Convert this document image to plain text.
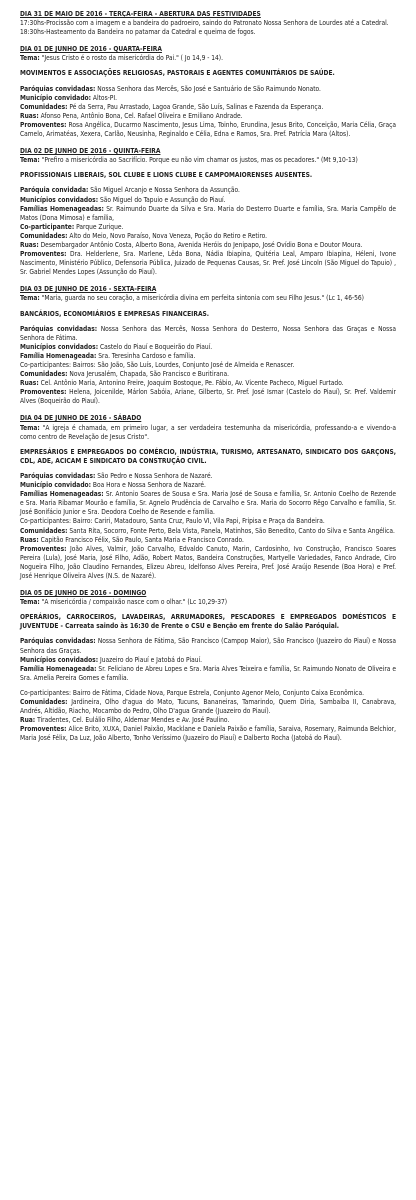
DIA 31 DE MAIO DE 2016 - TERÇA-FEIRA - ABERTURA DAS FESTIVIDADES

17:30hs-Procissão com a imagem e a bandeira do padroeiro, saindo do Patronato Nossa Senhora de Lourdes até a Catedral.

18:30hs-Hasteamento da Bandeira no patamar da Catedral e queima de fogos.

DIA 01 DE JUNHO DE 2016 - QUARTA-FEIRA

Tema: "Jesus Cristo é o rosto da misericórdia do Pai." ( Jo 14,9 - 14).

MOVIMENTOS E ASSOCIAÇÕES RELIGIOSAS, PASTORAIS E AGENTES COMUNITÁRIOS DE SAÚDE.

Paróquias convidadas: Nossa Senhora das Mercês, São José e Santuário de São Raimundo Nonato.

Município convidado: Altos-PI.

Comunidades: Pé da Serra, Pau Arrastado, Lagoa Grande, São Luís, Salinas e Fazenda da Esperança.

Ruas: Afonso Pena, Antônio Bona, Cel. Rafael Oliveira e Emiliano Andrade.

Promoventes: Rosa Angélica, Ducarmo Nascimento, Jesus Lima, Toinho, Erundina, Jesus Brito, Conceição, Maria Célia, Graça Camelo, Arimatéas, Xexera, Carlão, Neusinha, Reginaldo e Célia, Edna e Ramos, Sra. Pref. Patrícia Mara (Altos).

DIA 02 DE JUNHO DE 2016 - QUINTA-FEIRA

Tema: "Prefiro a misericórdia ao Sacrifício. Porque eu não vim chamar os justos, mas os pecadores." (Mt 9,10-13)

PROFISSIONAIS LIBERAIS, SOL CLUBE E LIONS CLUBE E CAMPOMAIORENSES AUSENTES.

Paróquia convidada: São Miguel Arcanjo e Nossa Senhora da Assunção.

Municípios convidados: São Miguel do Tapuio e Assunção do Piauí.

Famílias Homenageadas: Sr. Raimundo Duarte da Silva e Sra. Maria do Desterro Duarte e família, Sra. Maria Campêlo de Matos (Dona Mimosa) e família,

Co-participante: Parque Zurique.

Comunidades: Alto do Meio, Novo Paraíso, Nova Veneza, Poção do Retiro e Retiro.

Ruas: Desembargador Antônio Costa, Alberto Bona, Avenida Heróis do Jenipapo, José Ovídio Bona e Doutor Moura.

Promoventes: Dra. Helderlene, Sra. Marlene, Lêda Bona, Nádia Ibiapina, Quitéria Leal, Amparo Ibiapina, Héleni, Ivone Nascimento, Ministério Público, Defensoria Pública, Juizado de Pequenas Causas, Sr. Pref. José Lincoln (São Miguel do Tapuio) , Sr. Gabriel Mendes Lopes (Assunção do Piauí).

DIA 03 DE JUNHO DE 2016 - SEXTA-FEIRA

Tema: "Maria, guarda no seu coração, a misericórdia divina em perfeita sintonia com seu Filho Jesus." (Lc 1, 46-56)

BANCÁRIOS, ECONOMIÁRIOS E EMPRESAS FINANCEIRAS.

Paróquias convidadas: Nossa Senhora das Mercês, Nossa Senhora do Desterro, Nossa Senhora das Graças e Nossa Senhora de Fátima.

Municípios convidados: Castelo do Piauí e Boqueirão do Piauí.

Família Homenageada: Sra. Teresinha Cardoso e família.

Co-participantes: Bairros: São João, São Luís, Lourdes, Conjunto José de Almeida e Renascer.

Comunidades: Nova Jerusalém, Chapada, São Francisco e Buritirana.

Ruas: Cel. Antônio Maria, Antonino Freire, Joaquim Bostoque, Pe. Fábio, Av. Vicente Pacheco, Miguel Furtado.

Promoventes: Helena, Joicenilde, Márlon Sabóia, Ariane, Gilberto, Sr. Pref. José Ismar (Castelo do Piauí), Sr. Pref. Valdemir Alves (Boqueirão do Piauí).

DIA 04 DE JUNHO DE 2016 - SÁBADO

Tema: "A igreja é chamada, em primeiro lugar, a ser verdadeira testemunha da misericórdia, professando-a e vivendo-a como centro de Revelação de Jesus Cristo".

EMPRESÁRIOS E EMPREGADOS DO COMÉRCIO, INDÚSTRIA, TURISMO, ARTESANATO, SINDICATO DOS GARÇONS, CDL, ADE, ACICAM E SINDICATO DA CONSTRUÇÃO CIVIL.

Paróquias convidadas: São Pedro e Nossa Senhora de Nazaré.

Município convidado: Boa Hora e Nossa Senhora de Nazaré.

Famílias Homenageadas: Sr. Antonio Soares de Sousa e Sra. Maria José de Sousa e família, Sr. Antonio Coelho de Rezende e Sra. Maria Ribamar Mourão e família, Sr. Agnelo Prudência de Carvalho e Sra. Maria do Socorro Rêgo Carvalho e família, Sr. José Bonifácio Junior e Sra. Deodora Coelho de Resende e família.

Co-participantes: Bairro: Cariri, Matadouro, Santa Cruz, Paulo VI, Vila Papi, Fripisa e Praça da Bandeira.

Comunidades: Santa Rita, Socorro, Fonte Perto, Bela Vista, Panela, Matinhos, São Benedito, Canto do Silva e Santa Angélica.

Ruas: Capitão Francisco Félix, São Paulo, Santa Maria e Francisco Conrado.

Promoventes: João Alves, Valmir, João Carvalho, Edvaldo Canuto, Marin, Cardosinho, Ivo Construção, Francisco Soares Pereira (Lula), José Maria, José Filho, Adão, Robert Matos, Bandeira Construções, Martyelle Variedades, Fanco Andrade, Ciro Nogueira Filho, João Claudino Fernandes, Elizeu Abreu, Idelfonso Alves Pereira, Pref. José Araújo Resende (Boa Hora) e Pref. José Henrique Oliveira Alves (N.S. de Nazaré).

DIA 05 DE JUNHO DE 2016 - DOMINGO

Tema: "A misericórdia / compaixão nasce com o olhar." (Lc 10,29-37)

OPERÁRIOS, CARROCEIROS, LAVADEIRAS, ARRUMADORES, PESCADORES E EMPREGADOS DOMÉSTICOS E JUVENTUDE - Carreata saindo às 16:30 de Frente o CSU e Benção em frente do Salão Paróquial.

Paróquias convidadas: Nossa Senhora de Fátima, São Francisco (Campop Maior), São Francisco (Juazeiro do Piauí) e Nossa Senhora das Graças.

Municípios convidados: Juazeiro do Piauí e Jatobá do Piauí.

Família Homenageada: Sr. Feliciano de Abreu Lopes e Sra. Maria Alves Teixeira e família, Sr. Raimundo Nonato de Oliveira e Sra. Amelia Pereira Gomes e família.

Co-participantes: Bairro de Fátima, Cidade Nova, Parque Estrela, Conjunto Agenor Melo, Conjunto Caixa Econômica.

Comunidades: Jardineira, Olho d'agua do Mato, Tucuns, Bananeiras, Tamarindo, Quem Diria, Sambaíba II, Canabrava, Andrés, Altidão, Riacho, Mocambo do Pedro, Olho D'agua Grande (Juazeiro do Piauí).

Rua: Tiradentes, Cel. Eulálio Filho, Aldemar Mendes e Av. José Paulino.

Promoventes: Alice Brito, XUXA, Daniel Paixão, Macklane e Daniela Paixão e família, Saraiva, Rosemary, Raimunda Belchior, Maria José Félix, Da Luz, João Alberto, Tonho Veríssimo (Juazeiro do Piauí) e Dalberto Rocha (Jatobá do Piauí).
